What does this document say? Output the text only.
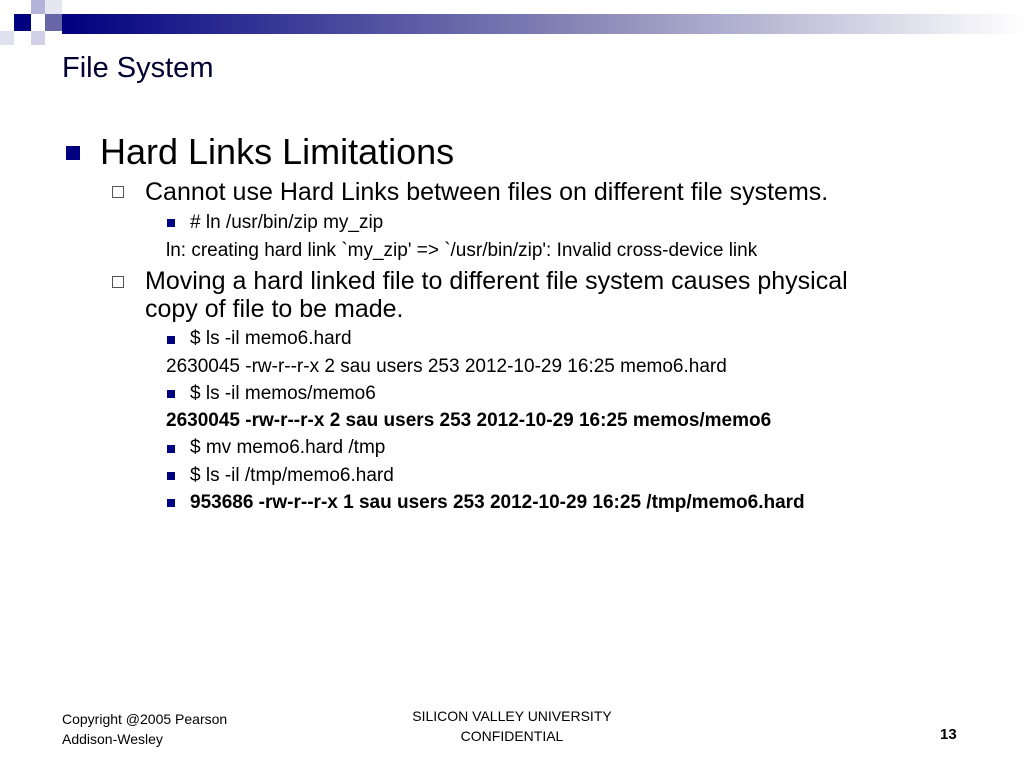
File System
Hard Links Limitations
Cannot use Hard Links between files on different file systems.
# ln /usr/bin/zip my_zip
ln: creating hard link `my_zip' => `/usr/bin/zip': Invalid cross-device link
Moving a hard linked file to different file system causes physical
copy of file to be made.
$ ls -il memo6.hard
2630045 -rw-r--r-x 2 sau users 253 2012-10-29 16:25 memo6.hard
$ ls -il memos/memo6
2630045 -rw-r--r-x 2 sau users 253 2012-10-29 16:25 memos/memo6
$ mv memo6.hard /tmp
$ ls -il /tmp/memo6.hard
953686 -rw-r--r-x 1 sau users 253 2012-10-29 16:25 /tmp/memo6.hard
Copyright @2005 Pearson
Addison-Wesley
SILICON VALLEY UNIVERSITY
CONFIDENTIAL	13
